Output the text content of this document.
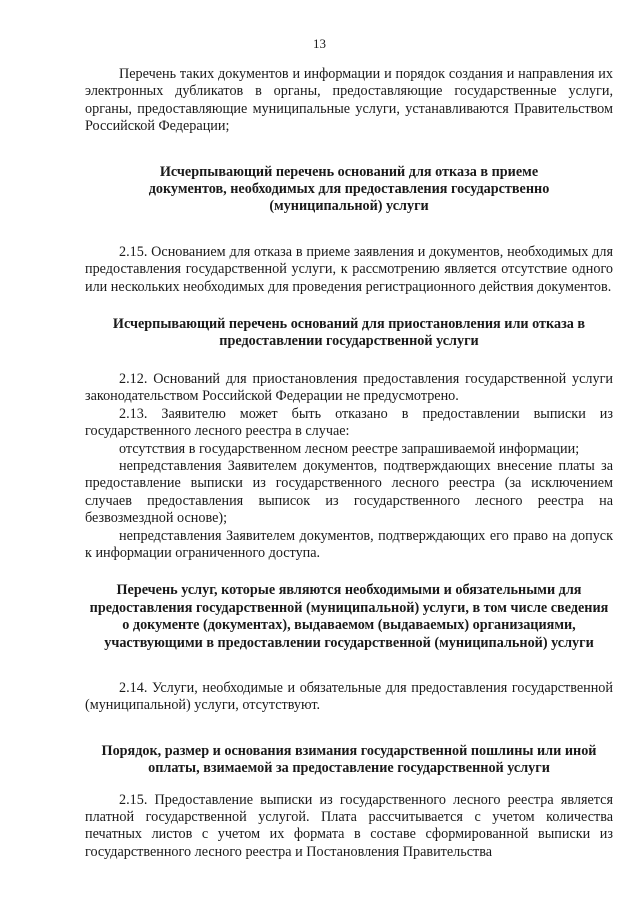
13

Перечень таких документов и информации и порядок создания и направления их электронных дубликатов в органы, предоставляющие государственные услуги, органы, предоставляющие муниципальные услуги, устанавливаются Правительством Российской Федерации;

Исчерпывающий перечень оснований для отказа в приеме документов, необходимых для предоставления государственно (муниципальной) услуги

2.15. Основанием для отказа в приеме заявления и документов, необходимых для предоставления государственной услуги, к рассмотрению является отсутствие одного или нескольких необходимых для проведения регистрационного действия документов.

Исчерпывающий перечень оснований для приостановления или отказа в предоставлении государственной услуги

2.12. Оснований для приостановления предоставления государственной услуги законодательством Российской Федерации не предусмотрено.

2.13. Заявителю может быть отказано в предоставлении выписки из государственного лесного реестра в случае:

отсутствия в государственном лесном реестре запрашиваемой информации;

непредставления Заявителем документов, подтверждающих внесение платы за предоставление выписки из государственного лесного реестра (за исключением случаев предоставления выписок из государственного лесного реестра на безвозмездной основе);

непредставления Заявителем документов, подтверждающих его право на допуск к информации ограниченного доступа.

Перечень услуг, которые являются необходимыми и обязательными для предоставления государственной (муниципальной) услуги, в том числе сведения о документе (документах), выдаваемом (выдаваемых) организациями, участвующими в предоставлении государственной (муниципальной) услуги

2.14. Услуги, необходимые и обязательные для предоставления государственной (муниципальной) услуги, отсутствуют.

Порядок, размер и основания взимания государственной пошлины или иной оплаты, взимаемой за предоставление государственной услуги

2.15. Предоставление выписки из государственного лесного реестра является платной государственной услугой. Плата рассчитывается с учетом количества печатных листов с учетом их формата в составе сформированной выписки из государственного лесного реестра и Постановления Правительства
